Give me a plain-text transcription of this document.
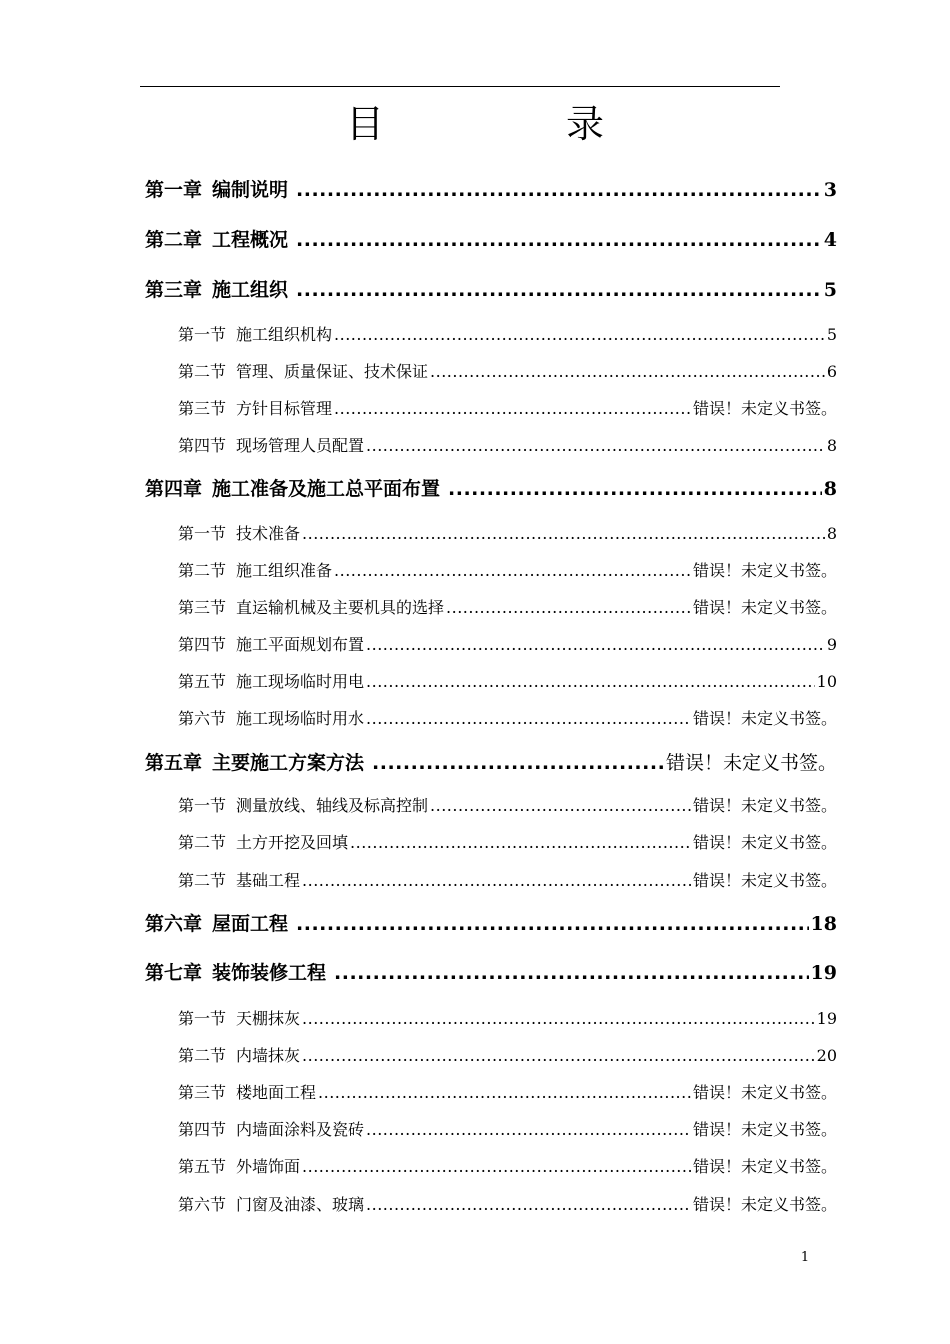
目　录
第一章 编制说明 .....	3
第二章 工程概况 .....	4
第三章 施工组织 .....	5
第一节 施工组织机构 .....	5
第二节 管理、质量保证、技术保证 .....	6
第三节 方针目标管理 .....	错误！未定义书签。
第四节 现场管理人员配置 .....	8
第四章 施工准备及施工总平面布置 .....	8
第一节 技术准备 .....	8
第二节 施工组织准备 .....	错误！未定义书签。
第三节 直运输机械及主要机具的选择 .....	错误！未定义书签。
第四节 施工平面规划布置 .....	9
第五节 施工现场临时用电 .....	10
第六节 施工现场临时用水 .....	错误！未定义书签。
第五章 主要施工方案方法 .....	错误！未定义书签。
第一节 测量放线、轴线及标高控制 .....	错误！未定义书签。
第二节 土方开挖及回填 .....	错误！未定义书签。
第二节 基础工程 .....	错误！未定义书签。
第六章 屋面工程 .....	18
第七章 装饰装修工程 .....	19
第一节 天棚抹灰 .....	19
第二节 内墙抹灰 .....	20
第三节 楼地面工程 .....	错误！未定义书签。
第四节 内墙面涂料及瓷砖 .....	错误！未定义书签。
第五节 外墙饰面 .....	错误！未定义书签。
第六节 门窗及油漆、玻璃 .....	错误！未定义书签。
1
